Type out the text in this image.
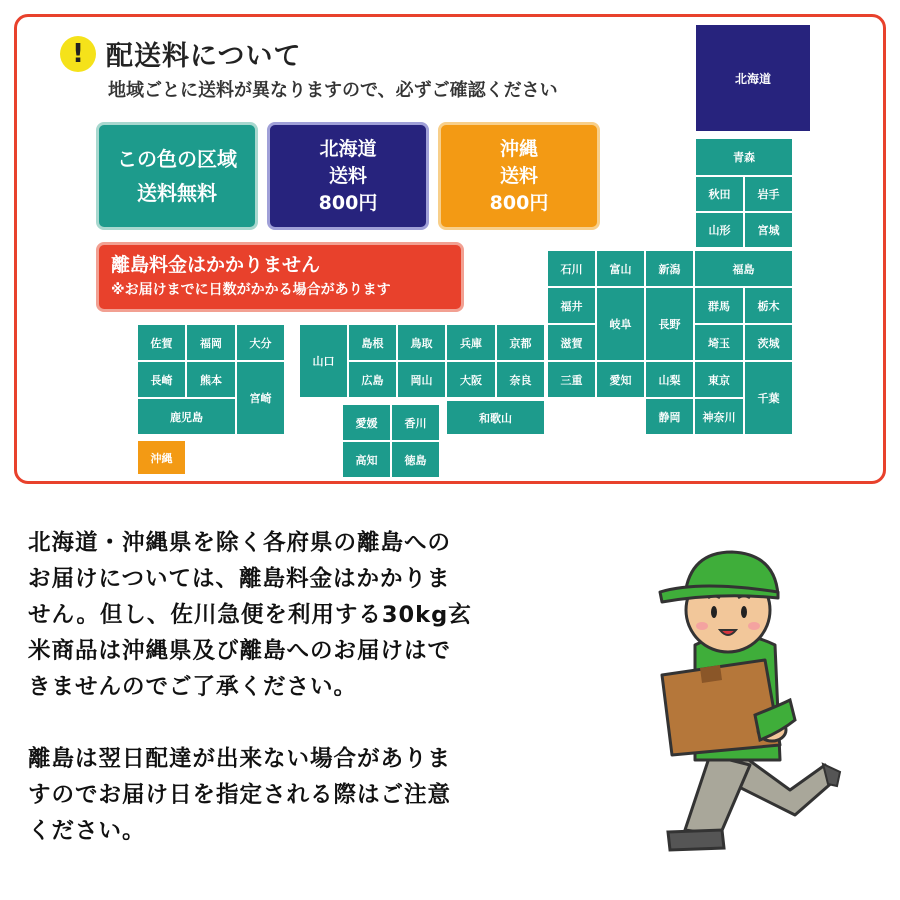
! 配送料について
地域ごとに送料が異なりますので、必ずご確認ください
この色の区域
送料無料
北海道
送料
800円
沖縄
送料
800円
離島料金はかかりません
※お届けまでに日数がかかる場合があります
北海道
青森
秋田	岩手
山形	宮城
石川	富山	新潟	福島
福井
岐阜	長野
群馬	栃木
埼玉	茨城
滋賀
愛知
三重	山梨	東京
千葉
静岡	神奈川
佐賀	福岡	大分
長崎	熊本
宮崎
鹿児島
沖縄
山口
島根	鳥取	兵庫	京都
広島	岡山	大阪	奈良
愛媛	香川	和歌山
高知	徳島

北海道・沖縄県を除く各府県の離島への

お届けについては、離島料金はかかりま

せん。但し、佐川急便を利用する30kg玄

米商品は沖縄県及び離島へのお届けはで

きませんのでご了承ください。

離島は翌日配達が出来ない場合がありま

すのでお届け日を指定される際はご注意

ください。
